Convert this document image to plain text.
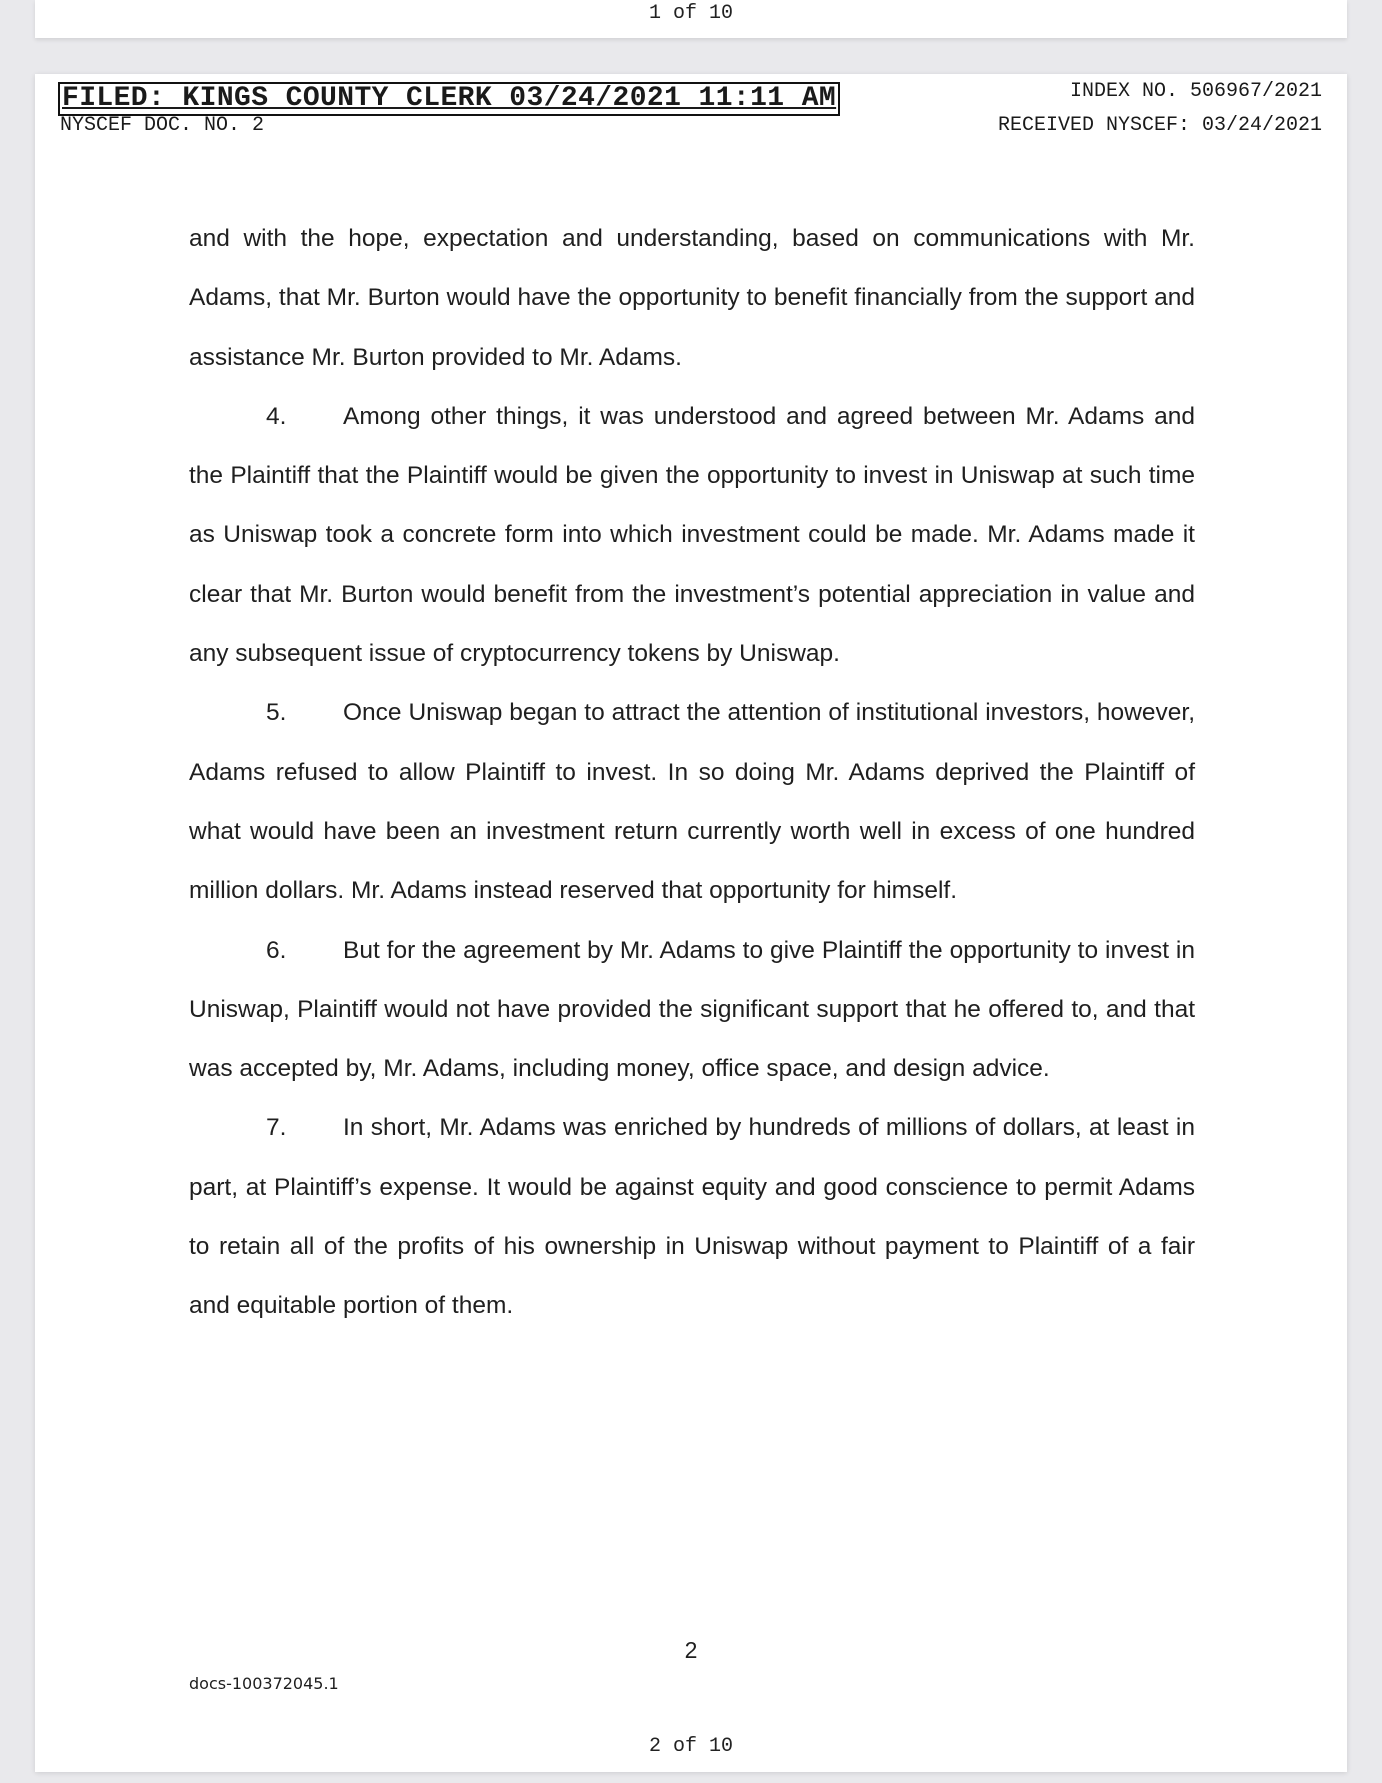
1 of 10
FILED: KINGS COUNTY CLERK 03/24/2021 11:11 AM	INDEX NO. 506967/2021
NYSCEF DOC. NO. 2	RECEIVED NYSCEF: 03/24/2021

and with the hope, expectation and understanding, based on communications with Mr. Adams, that Mr. Burton would have the opportunity to benefit financially from the support and assistance Mr. Burton provided to Mr. Adams.

4. Among other things, it was understood and agreed between Mr. Adams and the Plaintiff that the Plaintiff would be given the opportunity to invest in Uniswap at such time as Uniswap took a concrete form into which investment could be made. Mr. Adams made it clear that Mr. Burton would benefit from the investment’s potential appreciation in value and any subsequent issue of cryptocurrency tokens by Uniswap.

5. Once Uniswap began to attract the attention of institutional investors, however, Adams refused to allow Plaintiff to invest. In so doing Mr. Adams deprived the Plaintiff of what would have been an investment return currently worth well in excess of one hundred million dollars. Mr. Adams instead reserved that opportunity for himself.

6. But for the agreement by Mr. Adams to give Plaintiff the opportunity to invest in Uniswap, Plaintiff would not have provided the significant support that he offered to, and that was accepted by, Mr. Adams, including money, office space, and design advice.

7. In short, Mr. Adams was enriched by hundreds of millions of dollars, at least in part, at Plaintiff’s expense. It would be against equity and good conscience to permit Adams to retain all of the profits of his ownership in Uniswap without payment to Plaintiff of a fair and equitable portion of them.

2
docs-100372045.1
2 of 10
